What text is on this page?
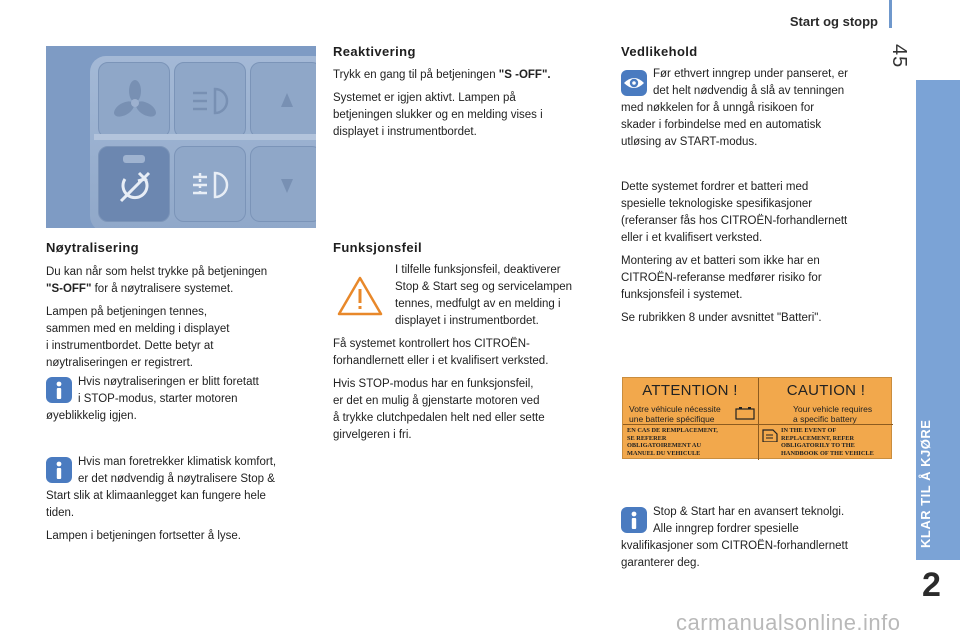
Start og stopp
45
2
Nøytralisering
Du kan når som helst trykke på betjeningen
"S-OFF" for å nøytralisere systemet.
Lampen på betjeningen tennes,
sammen med en melding i displayet
i instrumentbordet. Dette betyr at
nøytraliseringen er registrert.
Hvis nøytraliseringen er blitt foretatt
i STOP-modus, starter motoren
øyeblikkelig igjen.
Hvis man foretrekker klimatisk komfort,
er det nødvendig å nøytralisere Stop &
Start slik at klimaanlegget kan fungere hele
tiden.
Lampen i betjeningen fortsetter å lyse.
Reaktivering
Trykk en gang til på betjeningen "S -OFF".
Systemet er igjen aktivt. Lampen på
betjeningen slukker og en melding vises i
displayet i instrumentbordet.
Funksjonsfeil
I tilfelle funksjonsfeil, deaktiverer
Stop & Start seg og servicelampen
tennes, medfulgt av en melding i
displayet i instrumentbordet.
Få systemet kontrollert hos CITROËN-
forhandlernett eller i et kvalifisert verksted.
Hvis STOP-modus har en funksjonsfeil,
er det en mulig å gjenstarte motoren ved
å trykke clutchpedalen helt ned eller sette
girvelgeren i fri.
Vedlikehold
Før ethvert inngrep under panseret, er
det helt nødvendig å slå av tenningen
med nøkkelen for å unngå risikoen for
skader i forbindelse med en automatisk
utløsing av START-modus.
Dette systemet fordrer et batteri med
spesielle teknologiske spesifikasjoner
(referanser fås hos CITROËN-forhandlernett
eller i et kvalifisert verksted.
Montering av et batteri som ikke har en
CITROËN-referanse medfører risiko for
funksjonsfeil i systemet.
Se rubrikken 8 under avsnittet "Batteri".
ATTENTION !
Votre véhicule nécessite
une batterie spécifique
EN CAS DE REMPLACEMENT,
SE REFERER
OBLIGATOIREMENT AU
MANUEL DU VEHICULE
CAUTION !
Your vehicle requires
a specific battery
IN THE EVENT OF
REPLACEMENT, REFER
OBLIGATORILY TO THE
HANDBOOK OF THE VEHICLE
Stop & Start har en avansert teknolgi.
Alle inngrep fordrer spesielle
kvalifikasjoner som CITROËN-forhandlernett
garanterer deg.
carmanualsonline.info
